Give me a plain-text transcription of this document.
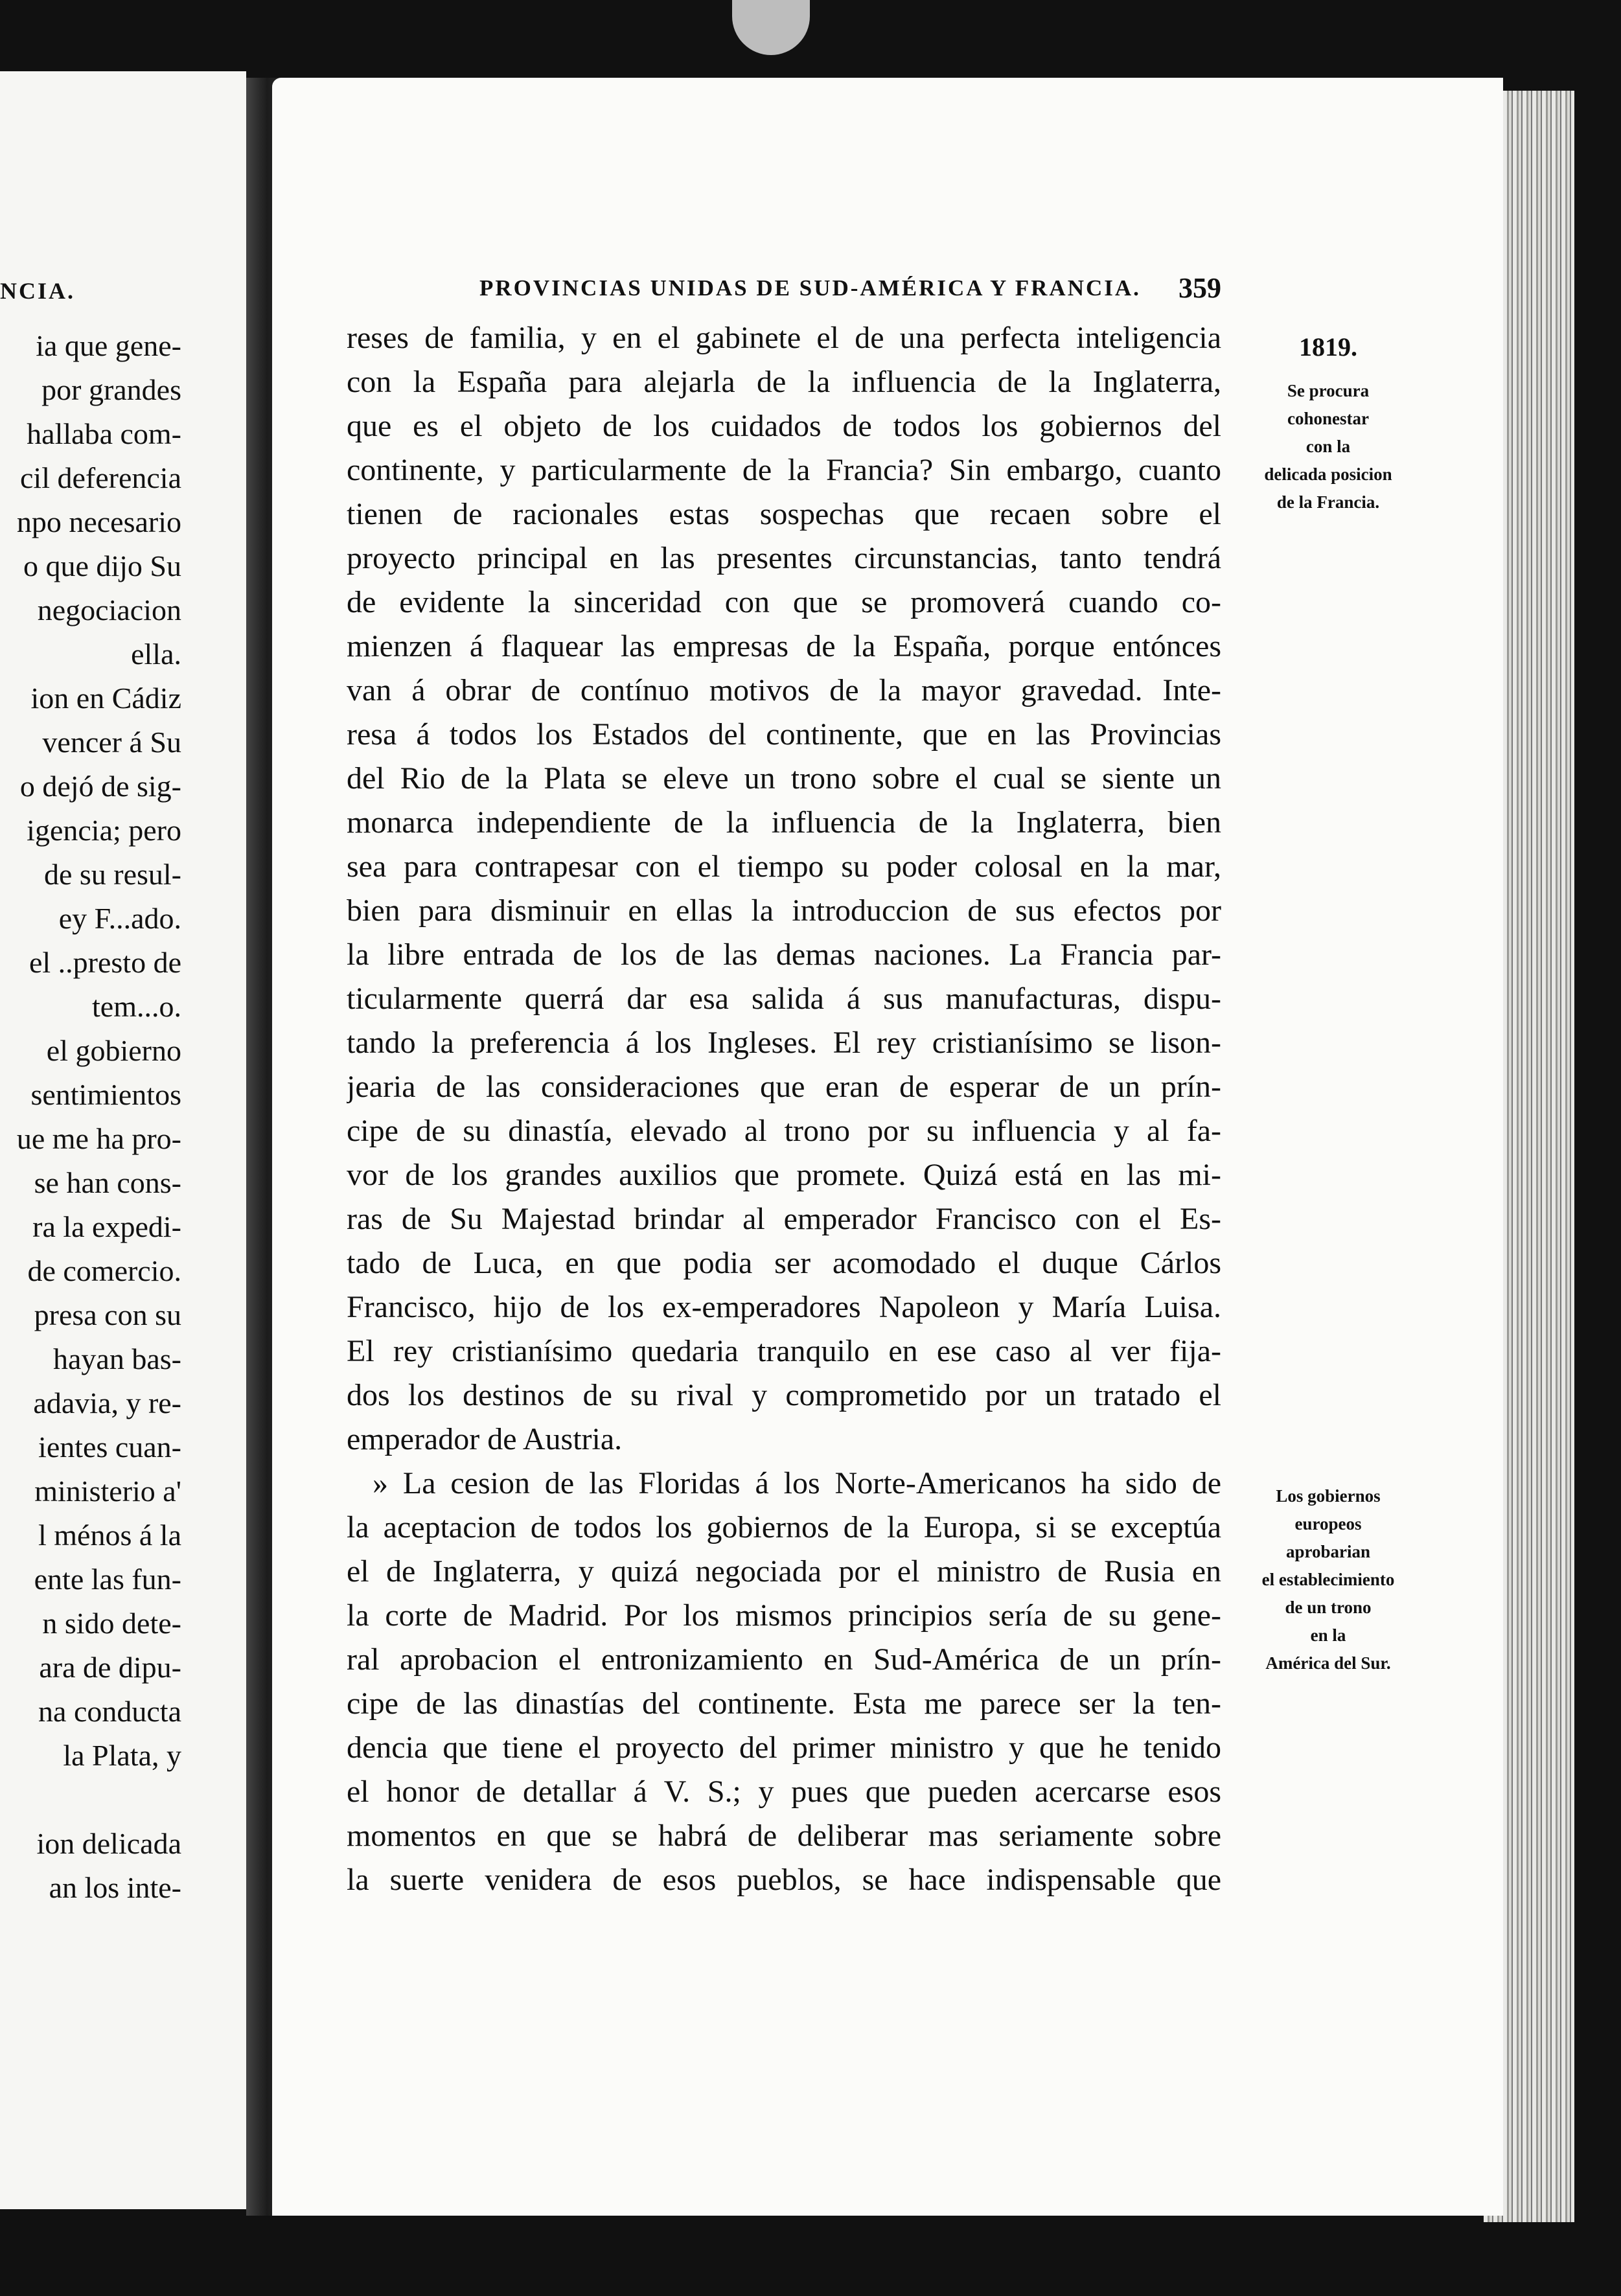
NCIA.
ia que gene-
por grandes
hallaba com-
cil deferencia
npo necesario
o que dijo Su
negociacion
ella.
ion en Cádiz
vencer á Su
o dejó de sig-
igencia; pero
de su resul-
ey F...ado.
el ..presto de
tem...o.
el gobierno
sentimientos
ue me ha pro-
se han cons-
ra la expedi-
de comercio.
presa con su
hayan bas-
adavia, y re-
ientes cuan-
ministerio a'
l ménos á la
ente las fun-
n sido dete-
ara de dipu-
na conducta
la Plata, y
ion delicada
an los inte-
PROVINCIAS UNIDAS DE SUD-AMÉRICA Y FRANCIA. 359
1819.
Se procura
cohonestar
con la
delicada posicion
de la Francia.
Los gobiernos
europeos
aprobarian
el establecimiento
de un trono
en la
América del Sur.
reses de familia, y en el gabinete el de una perfecta inteligencia
con la España para alejarla de la influencia de la Inglaterra,
que es el objeto de los cuidados de todos los gobiernos del
continente, y particularmente de la Francia? Sin embargo, cuanto
tienen de racionales estas sospechas que recaen sobre el
proyecto principal en las presentes circunstancias, tanto tendrá
de evidente la sinceridad con que se promoverá cuando co-
mienzen á flaquear las empresas de la España, porque entónces
van á obrar de contínuo motivos de la mayor gravedad. Inte-
resa á todos los Estados del continente, que en las Provincias
del Rio de la Plata se eleve un trono sobre el cual se siente un
monarca independiente de la influencia de la Inglaterra, bien
sea para contrapesar con el tiempo su poder colosal en la mar,
bien para disminuir en ellas la introduccion de sus efectos por
la libre entrada de los de las demas naciones. La Francia par-
ticularmente querrá dar esa salida á sus manufacturas, dispu-
tando la preferencia á los Ingleses. El rey cristianísimo se lison-
jearia de las consideraciones que eran de esperar de un prín-
cipe de su dinastía, elevado al trono por su influencia y al fa-
vor de los grandes auxilios que promete. Quizá está en las mi-
ras de Su Majestad brindar al emperador Francisco con el Es-
tado de Luca, en que podia ser acomodado el duque Cárlos
Francisco, hijo de los ex-emperadores Napoleon y María Luisa.
El rey cristianísimo quedaria tranquilo en ese caso al ver fija-
dos los destinos de su rival y comprometido por un tratado el
emperador de Austria.
» La cesion de las Floridas á los Norte-Americanos ha sido de
la aceptacion de todos los gobiernos de la Europa, si se exceptúa
el de Inglaterra, y quizá negociada por el ministro de Rusia en
la corte de Madrid. Por los mismos principios sería de su gene-
ral aprobacion el entronizamiento en Sud-América de un prín-
cipe de las dinastías del continente. Esta me parece ser la ten-
dencia que tiene el proyecto del primer ministro y que he tenido
el honor de detallar á V. S.; y pues que pueden acercarse esos
momentos en que se habrá de deliberar mas seriamente sobre
la suerte venidera de esos pueblos, se hace indispensable que
